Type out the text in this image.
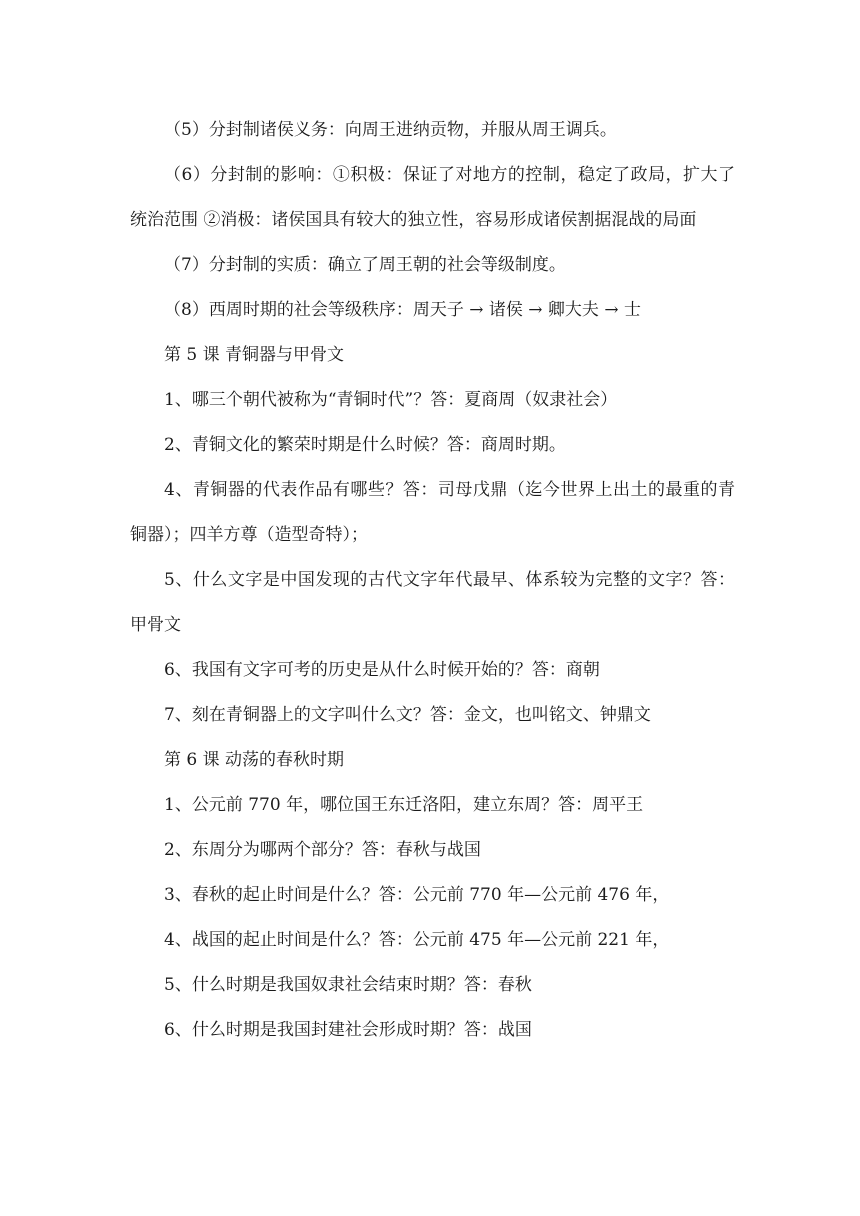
（5）分封制诸侯义务：向周王进纳贡物，并服从周王调兵。

（6）分封制的影响：①积极：保证了对地方的控制，稳定了政局，扩大了统治范围 ②消极：诸侯国具有较大的独立性，容易形成诸侯割据混战的局面

（7）分封制的实质：确立了周王朝的社会等级制度。

（8）西周时期的社会等级秩序：周天子 → 诸侯 → 卿大夫 → 士

第 5 课 青铜器与甲骨文

1、哪三个朝代被称为“青铜时代”？答：夏商周（奴隶社会）

2、青铜文化的繁荣时期是什么时候？答：商周时期。

4、青铜器的代表作品有哪些？答：司母戊鼎（迄今世界上出土的最重的青铜器）；四羊方尊（造型奇特）；

5、什么文字是中国发现的古代文字年代最早、体系较为完整的文字？答：甲骨文

6、我国有文字可考的历史是从什么时候开始的？答：商朝

7、刻在青铜器上的文字叫什么文？答：金文，也叫铭文、钟鼎文

第 6 课 动荡的春秋时期

1、公元前 770 年，哪位国王东迁洛阳，建立东周？答：周平王

2、东周分为哪两个部分？答：春秋与战国

3、春秋的起止时间是什么？答：公元前 770 年—公元前 476 年，

4、战国的起止时间是什么？答：公元前 475 年—公元前 221 年，

5、什么时期是我国奴隶社会结束时期？答：春秋

6、什么时期是我国封建社会形成时期？答：战国
